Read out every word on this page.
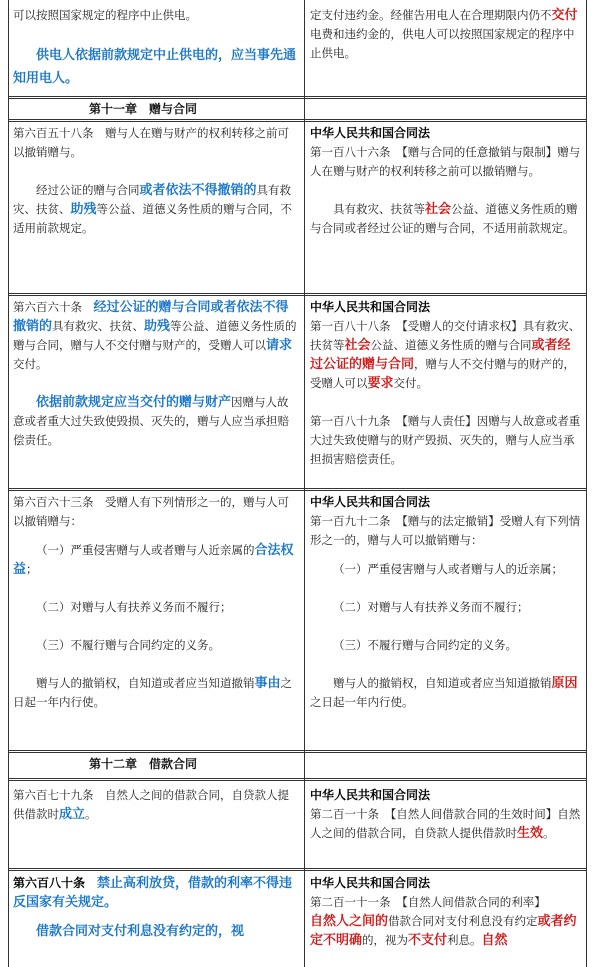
可以按照国家规定的程序中止供电。

供电人依据前款规定中止供电的，应当事先通知用电人。

定支付违约金。经催告用电人在合理期限内仍不交付电费和违约金的，供电人可以按照国家规定的程序中止供电。

第十一章　赠与合同

第六百五十八条　赠与人在赠与财产的权利转移之前可以撤销赠与。

经过公证的赠与合同或者依法不得撤销的具有救灾、扶贫、助残等公益、道德义务性质的赠与合同，不适用前款规定。

中华人民共和国合同法

第一百八十六条　【赠与合同的任意撤销与限制】赠与人在赠与财产的权利转移之前可以撤销赠与。

具有救灾、扶贫等社会公益、道德义务性质的赠与合同或者经过公证的赠与合同，不适用前款规定。

第六百六十条　经过公证的赠与合同或者依法不得撤销的具有救灾、扶贫、助残等公益、道德义务性质的赠与合同，赠与人不交付赠与财产的，受赠人可以请求交付。

依据前款规定应当交付的赠与财产因赠与人故意或者重大过失致使毁损、灭失的，赠与人应当承担赔偿责任。

中华人民共和国合同法

第一百八十八条　【受赠人的交付请求权】具有救灾、扶贫等社会公益、道德义务性质的赠与合同或者经过公证的赠与合同，赠与人不交付赠与的财产的，受赠人可以要求交付。

第一百八十九条　【赠与人责任】因赠与人故意或者重大过失致使赠与的财产毁损、灭失的，赠与人应当承担损害赔偿责任。

第六百六十三条　受赠人有下列情形之一的，赠与人可以撤销赠与：

（一）严重侵害赠与人或者赠与人近亲属的合法权益；

（二）对赠与人有扶养义务而不履行；

（三）不履行赠与合同约定的义务。

赠与人的撤销权，自知道或者应当知道撤销事由之日起一年内行使。

中华人民共和国合同法

第一百九十二条　【赠与的法定撤销】受赠人有下列情形之一的，赠与人可以撤销赠与：

（一）严重侵害赠与人或者赠与人的近亲属；

（二）对赠与人有扶养义务而不履行；

（三）不履行赠与合同约定的义务。

赠与人的撤销权，自知道或者应当知道撤销原因之日起一年内行使。

第十二章　借款合同

第六百七十九条　自然人之间的借款合同，自贷款人提供借款时成立。

中华人民共和国合同法

第二百一十条　【自然人间借款合同的生效时间】自然人之间的借款合同，自贷款人提供借款时生效。

第六百八十条　禁止高利放贷，借款的利率不得违反国家有关规定。

借款合同对支付利息没有约定的，视

中华人民共和国合同法

第二百一十一条　【自然人间借款合同的利率】

自然人之间的借款合同对支付利息没有约定或者约定不明确的，视为不支付利息。自然
